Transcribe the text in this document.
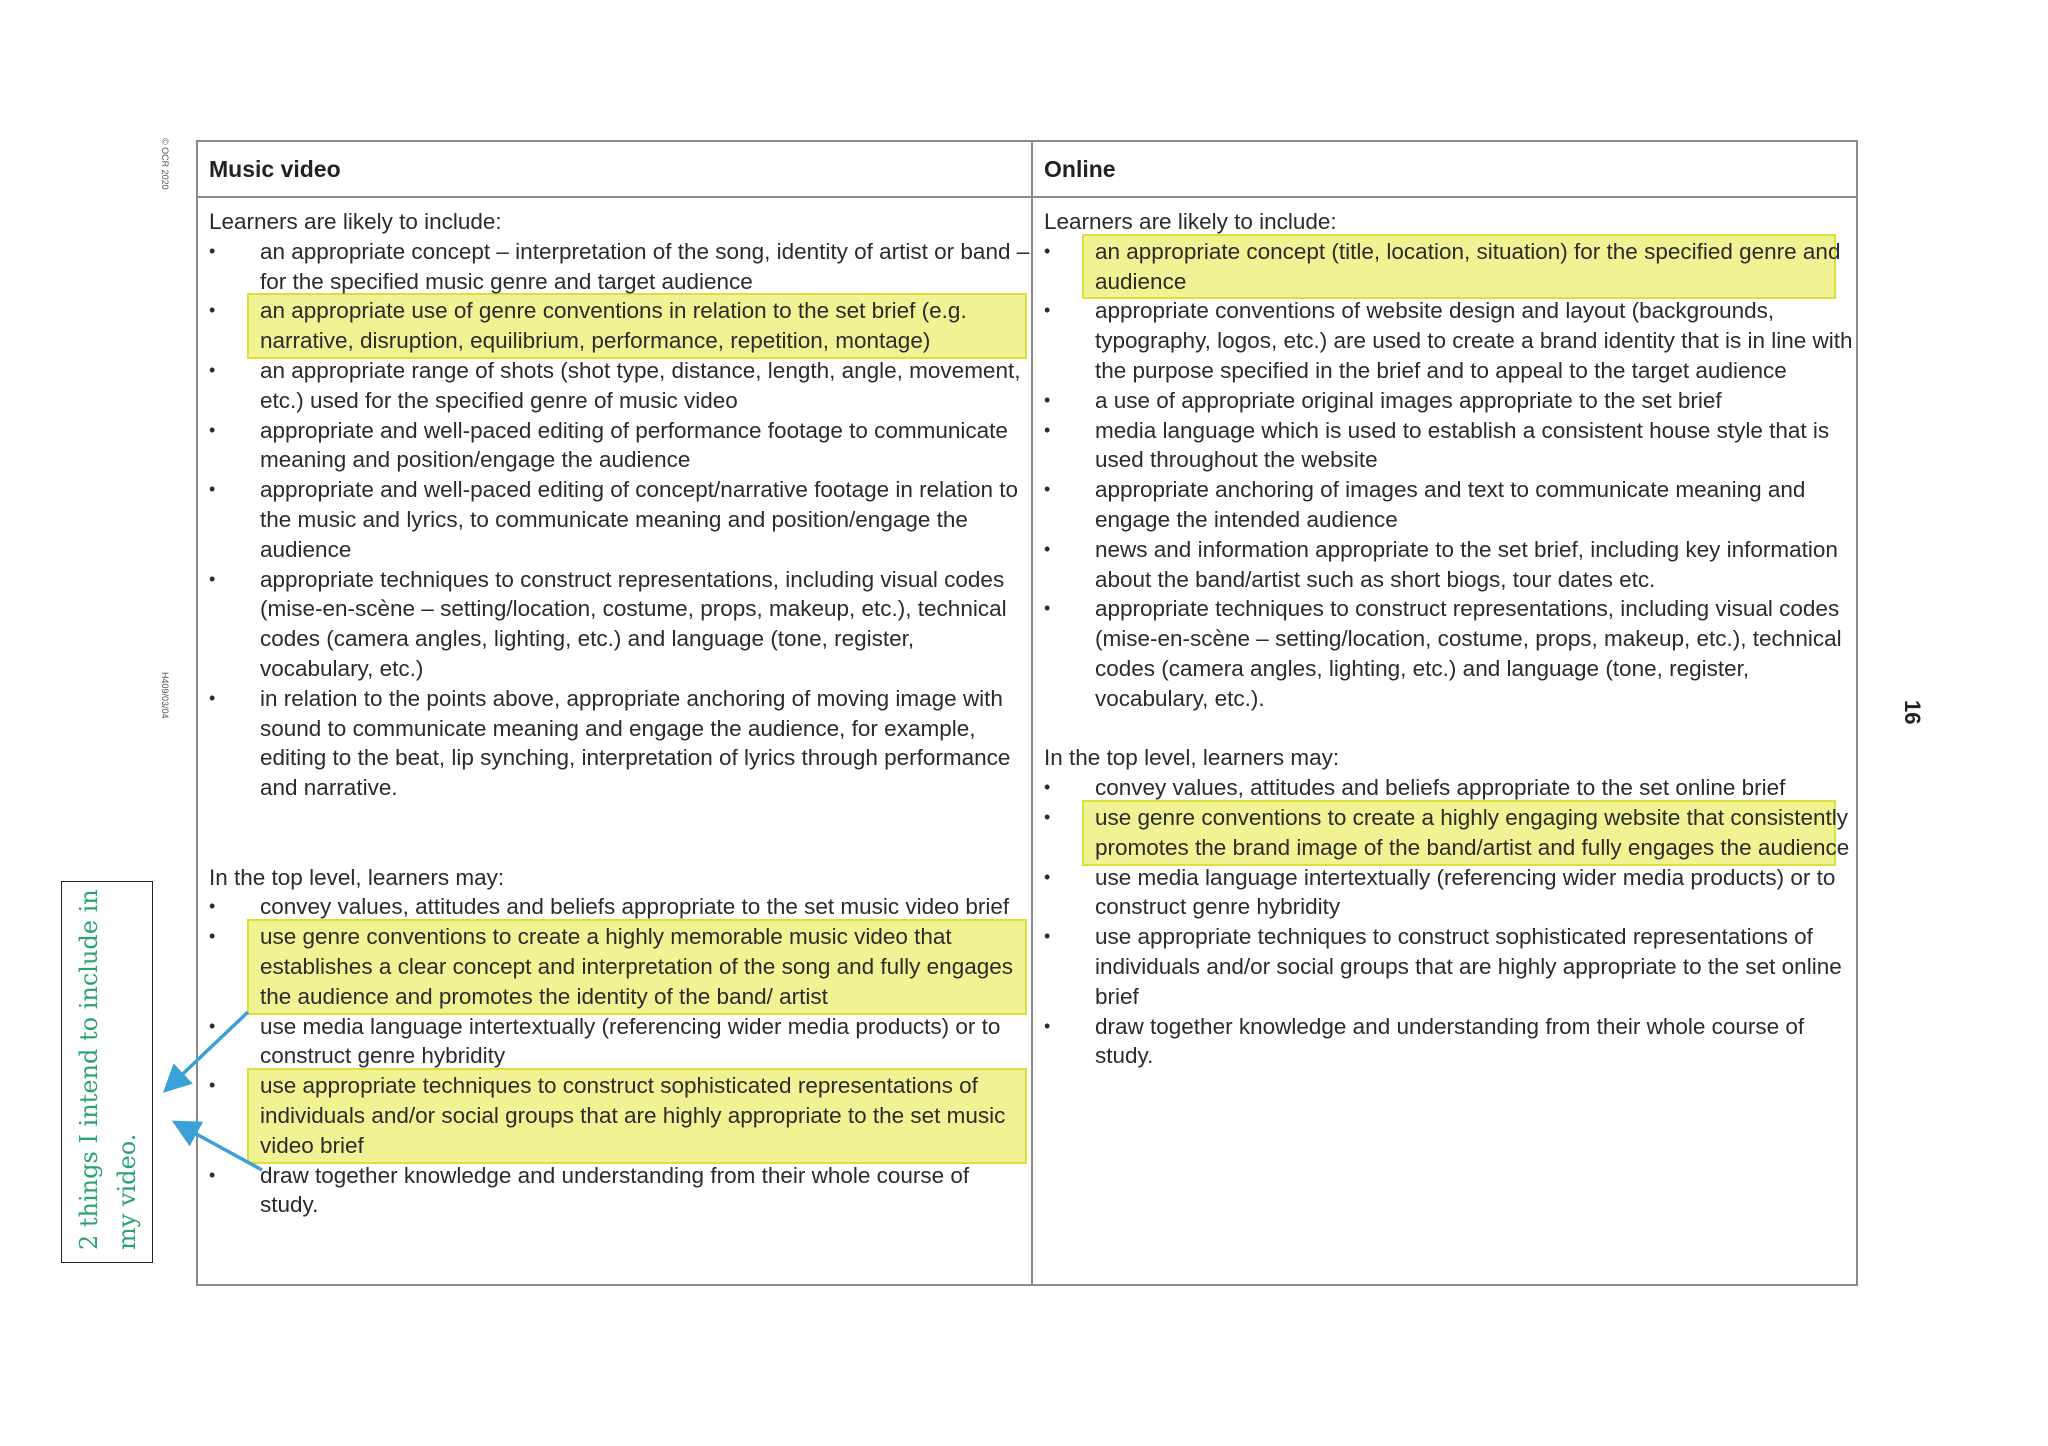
© OCR 2020
H409/03/04	16
Music video

Learners are likely to include:

• an appropriate concept – interpretation of the song, identity of artist or band – for the specified music genre and target audience
• an appropriate use of genre conventions in relation to the set brief (e.g. narrative, disruption, equilibrium, performance, repetition, montage)
• an appropriate range of shots (shot type, distance, length, angle, movement, etc.) used for the specified genre of music video
• appropriate and well-paced editing of performance footage to communicate meaning and position/engage the audience
• appropriate and well-paced editing of concept/narrative footage in relation to the music and lyrics, to communicate meaning and position/engage the audience
• appropriate techniques to construct representations, including visual codes (mise-en-scène – setting/location, costume, props, makeup, etc.), technical codes (camera angles, lighting, etc.) and language (tone, register, vocabulary, etc.)
• in relation to the points above, appropriate anchoring of moving image with sound to communicate meaning and engage the audience, for example, editing to the beat, lip synching, interpretation of lyrics through performance and narrative.

In the top level, learners may:

• convey values, attitudes and beliefs appropriate to the set music video brief
• use genre conventions to create a highly memorable music video that establishes a clear concept and interpretation of the song and fully engages the audience and promotes the identity of the band/ artist
• use media language intertextually (referencing wider media products) or to construct genre hybridity
• use appropriate techniques to construct sophisticated representations of individuals and/or social groups that are highly appropriate to the set music video brief
• draw together knowledge and understanding from their whole course of study.
Online

Learners are likely to include:

• an appropriate concept (title, location, situation) for the specified genre and audience
• appropriate conventions of website design and layout (backgrounds, typography, logos, etc.) are used to create a brand identity that is in line with the purpose specified in the brief and to appeal to the target audience
• a use of appropriate original images appropriate to the set brief
• media language which is used to establish a consistent house style that is used throughout the website
• appropriate anchoring of images and text to communicate meaning and engage the intended audience
• news and information appropriate to the set brief, including key information about the band/artist such as short biogs, tour dates etc.
• appropriate techniques to construct representations, including visual codes (mise-en-scène – setting/location, costume, props, makeup, etc.), technical codes (camera angles, lighting, etc.) and language (tone, register, vocabulary, etc.).

In the top level, learners may:

• convey values, attitudes and beliefs appropriate to the set online brief
• use genre conventions to create a highly engaging website that consistently promotes the brand image of the band/artist and fully engages the audience
• use media language intertextually (referencing wider media products) or to construct genre hybridity
• use appropriate techniques to construct sophisticated representations of individuals and/or social groups that are highly appropriate to the set online brief
• draw together knowledge and understanding from their whole course of study.
2 things I intend to include in my video.
